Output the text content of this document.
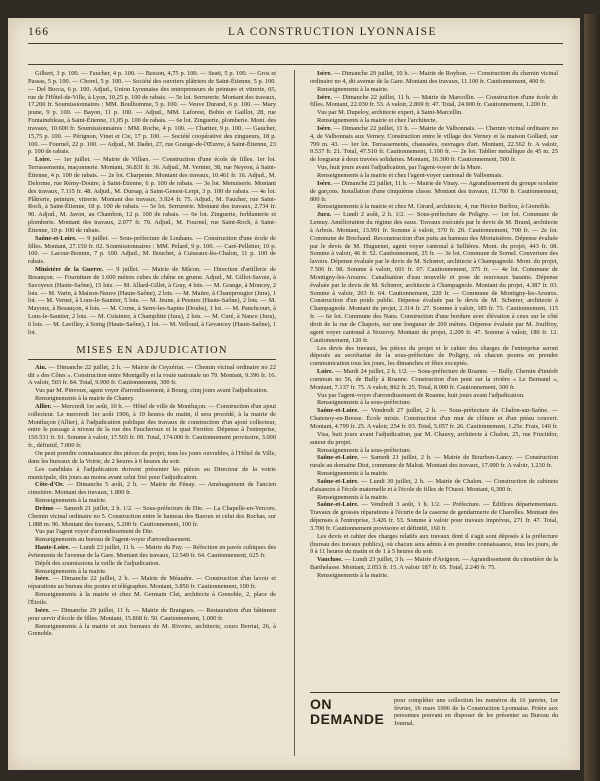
166	LA CONSTRUCTION LYONNAISE

Gilbert, 3 p. 100. — Faucher, 4 p. 100. — Besson, 4,75 p. 100. — Seati, 5 p. 100. — Gros et Passas, 5 p. 100. — Chorel, 5 p. 100. — Société des ouvriers plâtriers de Saint-Étienne, 5 p. 100. — Del Bocca, 6 p. 100. Adjud., Union Lyonnaise des entrepreneurs de peinture et vitrerie, 65, rue de l'Hôtel-de-Ville, à Lyon, 10,25 p. 100 de rabais. — 5e lot. Serrurerie. Montant des travaux, 17.200 fr. Soumissionnaires : MM. Boulhomme, 5 p. 100. — Veuve Durand, 6 p. 100. — Mary jeune, 9 p. 100. — Bayon, 11 p. 100. — Adjud., MM. Laforest, Bobin et Gaillot, 28, rue Fontainebleau, à Saint-Étienne, 11,05 p. 100 de rabais. — 6e lot. Zinguerie, plomberie. Mont. des travaux, 10.600 fr. Soumissionnaires : MM. Roche, 4 p. 100. — Chartier, 9 p. 100. — Gaucher, 15,75 p. 100. — Pérignon, Vinet et Cie, 17 p. 100. — Société coopérative des zingueurs, 18 p. 100. — Fournel, 22 p. 100. — Adjud., M. Dadet, 27, rue Grange-de-l'Œuvre, à Saint-Étienne, 23 p. 100 de rabais.

Loire. — 1er juillet. — Mairie de Villars. — Construction d'une école de filles. 1er lot. Terrassements, maçonnerie. Montant, 36.831 fr. 36. Adjud., M. Vernier, 38, rue Neyron, à Saint-Étienne, 4 p. 100 de rabais. — 2e lot. Charpente. Montant des travaux, 10.461 fr. 16. Adjud., M. Delorme, rue Rémy-Doutre, à Saint-Étienne, 6 p. 100 de rabais. — 3e lot. Menuiserie. Montant des travaux, 7.115 fr. 48. Adjud., M. Dursap, à Saint-Genest-Lerpt, 3 p. 100 de rabais. — 4e lot. Plâtrerie, peinture, vitrerie. Montant des travaux, 3.924 fr. 75. Adjud., M. Faucher, rue Saint-Roch, à Saint-Étienne, 18 p. 100 de rabais. — 5e lot. Serrurerie. Montant des travaux, 2.734 fr. 90. Adjud., M. Javon, au Chambon, 12 p. 100 de rabais. — 6e lot. Zinguerie, ferblanterie et plomberie. Montant des travaux, 2.077 fr. 70. Adjud., M. Fournel, rue Saint-Roch, à Saint-Étienne, 10 p. 100 de rabais.

Saône-et-Loire. — 9 juillet. — Sous-préfecture de Louhans. — Construction d'une école de filles. Montant, 27.150 fr. 02. Soumissionnaires : MM. Pelard, 9 p. 100. — Caré-Pelletier, 10 p. 100. — Lacour-Bonnin, 7 p. 100. Adjud., M. Bouchet, à Cuiseaux-lès-Chalon, 11 p. 100 de rabais.

Ministère de la Guerre. — 9 juillet. — Mairie de Mâcon. — Direction d'artillerie de Besançon. — Fourniture de 1.600 mètres cubes de chêne en grume. Adjud., M. Gillot-Savoie, à Savoyeux (Haute-Saône), 15 lots. — M. Allard-Gillet, à Gray, 4 lots. — M. Grange, à Moncey, 2 lots. — M. Varin, à Maison-Neuve (Haute-Saône), 2 lots. — M. Maitre, à Champrougier (Jura), 1 lot. — M. Vernet, à Lons-le-Saunier, 5 lots. — M. Jeune, à Pesmes (Haute-Saône), 2 lots. — M. Mayoux, à Besançon, 4 lots. — M. Corne, à Serre-les-Sapins (Doubs), 1 lot. — M. Panchcourt, à Lons-le-Saunier, 2 lots. — M. Cuisinier, à Champlitte (Jura), 2 lots. — M. Curé, à Nance (Jura), 6 lots. — M. Lavilley, à Soing (Haute-Saône), 1 lot. — M. Velloud, à Gevancey (Haute-Saône), 1 lot.

MISES EN ADJUDICATION

Ain. — Dimanche 22 juillet, 2 h. — Mairie de Ceyzériat. — Chemin vicinal ordinaire no 22 dit « des Côtes ». Construction entre Montgelly et la route nationale no 79. Montant, 9.396 fr. 16. A valoir, 503 fr. 84. Total, 9.900 fr. Cautionnement, 300 fr.

Vus par M. Pinvoux, agent voyer d'arrondissement, à Bourg, cinq jours avant l'adjudication.

Renseignements à la mairie de Chaney.

Allier. — Mercredi 1er août, 10 h. — Hôtel de ville de Montluçon. — Construction d'un ajout collecteur. Le mercredi 1er août 1906, à 10 heures du matin, il sera procédé, à la mairie de Montluçon (Allier), à l'adjudication publique des travaux de construction d'un ajout collecteur, entre le passage à niveau de la rue des Faucheroux et le quai Ferrière. Dépense à l'entreprise, 150.531 fr. 91. Somme à valoir, 17.565 fr. 09. Total, 174.000 fr. Cautionnement provisoire, 3.000 fr., définitif, 7.000 fr.

On peut prendre connaissance des pièces du projet, tous les jours ouvrables, à l'Hôtel de Ville, dans les bureaux de la Voirie, de 2 heures à 6 heures du soir.

Les candidats à l'adjudication doivent présenter les pièces au Directeur de la voirie municipale, dix jours au moins avant celui fixé pour l'adjudication.

Côte-d'Or. — Dimanche 5 août, 2 h. — Mairie de Fénay. — Aménagement de l'ancien cimetière. Montant des travaux, 1.800 fr.

Renseignements à la mairie.

Drôme — Samedi 21 juillet, 2 h. 1/2. — Sous-préfecture de Die. — La Chapelle-en-Vercors. Chemin vicinal ordinaire no 5. Construction entre le hameau des Baroux et celui des Rochas, sur 1.088 m. 96. Montant des travaux, 5.200 fr. Cautionnement, 100 fr.

Vus par l'agent voyer d'arrondissement de Die.

Renseignements au bureau de l'agent-voyer d'arrondissement.

Haute-Loire. — Lundi 23 juillet, 11 h. — Mairie du Puy. — Réfection en pavés cubiques des évitements de l'avenue de la Gare. Montant des travaux, 12.549 fr. 64. Cautionnement, 625 fr.

Dépôt des soumissions la veille de l'adjudication.

Renseignements à la mairie.

Isère. — Dimanche 22 juillet, 2 h. — Mairie de Méaudre. — Construction d'un lavoir et réparations au bureau des postes et télégraphes. Montant, 3.850 fr. Cautionnement, 100 fr.

Renseignements à la mairie et chez M. Germain Clet, architecte à Grenoble, 2, place de l'Étoile.

Isère. — Dimanche 29 juillet, 11 h. — Mairie de Brangues. — Restauration d'un bâtiment pour servir d'école de filles. Montant, 15.868 fr. 50. Cautionnement, 1.000 fr.

Renseignements à la mairie et aux bureaux de M. Rivoire, architecte, cours Berriat, 26, à Grenoble.

Isère. — Dimanche 29 juillet, 10 h. — Mairie de Roybon. — Construction du chemin vicinal ordinaire no 4, dit avenue de la Gare. Montant des travaux, 11.100 fr. Cautionnement, 400 fr.

Renseignements à la mairie.

Isère. — Dimanche 22 juillet, 11 h. — Mairie de Marcollin. — Construction d'une école de filles. Montant, 22.030 fr. 53. A valoir, 2.869 fr. 47. Total, 24.900 fr. Cautionnement, 1.200 fr.

Vus par M. Dupeloy, architecte expert, à Saint-Marcellin.

Renseignements à la mairie et chez l'architecte.

Isère. — Dimanche 22 juillet, 11 h. — Mairie de Valbonnais. — Chemin vicinal ordinaire no 4, de Valbonnais aux Verney. Construction entre le village des Verney et la maison Gollard, sur 799 m. 43. — 1er lot. Terrassements, chaussées, ouvrages d'art. Montant, 22.562 fr. A valoir, 9.537 fr. 21. Total, 47.510 fr. Cautionnement, 1.100 fr. — 2e lot. Tablier métallique de 45 m. 25 de longueur à deux travées solidaires. Montant, 16.300 fr. Cautionnement, 500 fr.

Vus, huit jours avant l'adjudication, par l'agent-voyer de la Mure.

Renseignements à la mairie et chez l'agent-voyer cantonal de Valbonnais.

Isère. — Dimanche 22 juillet, 11 h. — Mairie de Vinay. — Agrandissement du groupe scolaire de garçons. Installation d'une cinquième classe. Montant des travaux, 11.700 fr. Cautionnement, 800 fr.

Renseignements à la mairie et chez M. Girard, architecte, 4, rue Hector Berlioz, à Grenoble.

Jura. — Lundi 2 août, 2 h. 1/2. — Sous-préfecture de Poligny. — 1er lot. Commune de Lemuy. Amélioration du régime des eaux. Travaux exécutés par le devis de M. Brand, architecte à Arbois. Montant, 13.991 fr. Somme à valoir, 370 fr. 20. Cautionnement, 700 fr. — 2e lot. Commune de Brechand. Reconstruction d'un puits au hameau des Mortaisières. Dépense évaluée par le devis de M. Huguenet, agent voyer cantonal à Sellières. Mont. du projet, 443 fr. 08. Somme à valoir, 46 fr. 52. Cautionnement, 25 fr. — 3e lot. Commune de Sornel. Couverture des lavoirs. Dépense évaluée par le devis de M. Schœrer, architecte à Champagnole. Mont. du projet, 7.506 fr. 98. Somme à valoir, 601 fr. 07. Cautionnement, 375 fr. — 4e lot. Commune de Montigny-les-Arsures. Canalisation d'eau nouvelle et pose de nouveaux bassins. Dépense évaluée par le devis de M. Schœrer, architecte à Champagnole. Montant du projet, 4.387 fr. 03. Somme à valoir, 203 fr. 64. Cautionnement, 220 fr. — Commune de Montigny-les-Arsures. Construction d'un poids public. Dépense évaluée par le devis de M. Schœrer, architecte à Champagnole. Montant du projet, 2.314 fr. 27. Somme à valoir, 185 fr. 73. Cautionnement, 115 fr. — 6e lot. Commune des Nans. Construction d'une bordure avec élévation à ceux sur le côté droit de la rue de Chapois, sur une longueur de 209 mètres. Dépense évaluée par M. Jouffroy, agent voyer cantonal à Nozeroy. Montant du projet, 2.209 fr. 47. Somme à valoir, 180 fr. 12. Cautionnement, 120 fr.

Les devis des travaux, les pièces du projet et le cahier des charges de l'entreprise seront déposés au secrétariat de la sous-préfecture de Poligny, où chacun pourra en prendre communication tous les jours, les dimanches et fêtes exceptés.

Loire. — Mardi 24 juillet, 2 h. 1/2. — Sous-préfecture de Roanne. — Bully. Chemin d'intérêt commun no 56, de Bully à Roanne. Construction d'un pont sur la rivière « Le Bernand », Montant, 7.137 fr. 75. A valoir, 862 fr. 25. Total, 8.000 fr. Cautionnement, 300 fr.

Vus par l'agent-voyer d'arrondissement de Roanne, huit jours avant l'adjudication.

Renseignements à la sous-préfecture.

Saône-et-Loire. — Vendredi 27 juillet, 2 h. — Sous-préfecture de Chalon-sur-Saône. — Chatenoy-en-Bresse. École mixte. Construction d'un mur de clôture et d'un préau couvert. Montant, 4.799 fr. 25. A valoir, 254 fr. 03. Total, 5.057 fr. 26. Cautionnement, 1.25e. Frais, 140 fr.

Visa, huit jours avant l'adjudication, par M. Chauvy, architecte à Chalon, 25, rue Fructidor, auteur du projet.

Renseignements à la sous-préfecture.

Saône-et-Loire. — Samedi 21 juillet, 2 h. — Mairie de Bourbon-Lancy. — Construction rurale au domaine Diot, commune de Malrat. Montant des travaux, 17.000 fr. A valoir, 1.230 fr.

Renseignements à la mairie.

Saône-et-Loire. — Lundi 30 juillet, 2 h. — Mairie de Chalon. — Construction de cabinets d'aisances à l'école maternelle et à l'école de filles de l'Ouest. Montant, 6,300 fr.

Renseignements à la mairie.

Saône-et-Loire. — Vendredi 3 août, 1 h. 1/2. — Préfecture. — Édifices départementaux. Travaux de grosses réparations à l'écurie de la caserne de gendarmerie de Charolles. Montant des dépenses à l'entreprise, 3.426 fr. 53. Somme à valoir pour travaux imprévus, 271 fr. 47. Total, 3.700 fr. Cautionnement provisoire et définitif, 160 fr.

Les devis et cahier des charges relatifs aux travaux dont il s'agit sont déposés à la préfecture (bureau des travaux publics), où chacun sera admis à en prendre connaissance, tous les jours, de 9 à 11 heures du matin et de 1 à 5 heures du soir.

Vaucluse. — Lundi 23 juillet, 3 h. — Mairie d'Avignon. — Agrandissement du cimetière de la Barthelasse. Montant, 2.053 fr. 15. A valoir 187 fr. 65. Total, 2.240 fr. 75.

Renseignements à la mairie.

ON DEMANDE
pour compléter une collection les numéros du 16 janvier, 1er février, 16 mars 1906 de la Construction Lyonnaise. Prière aux personnes pouvant en disposer de les présenter au Bureau du Journal.
